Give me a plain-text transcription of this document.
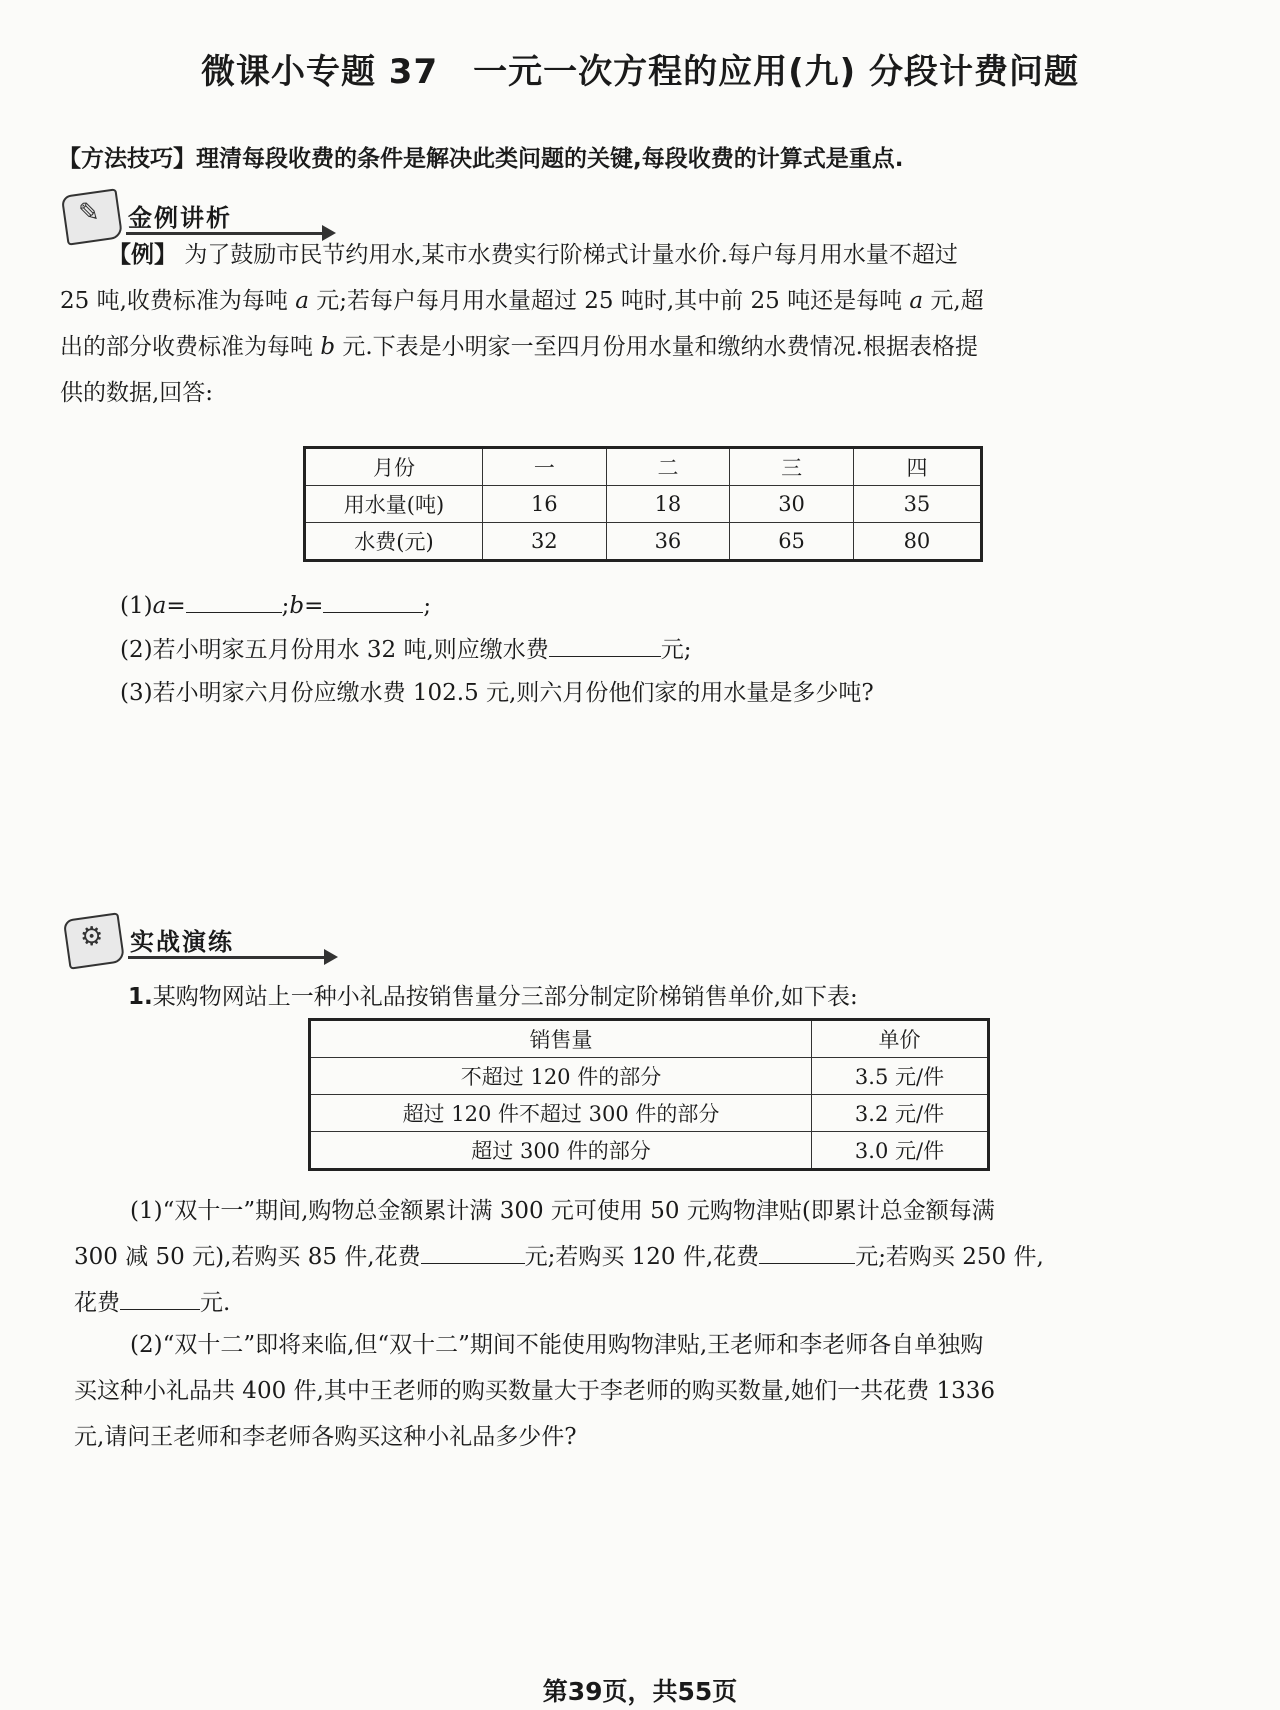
微课小专题 37　一元一次方程的应用(九) 分段计费问题
【方法技巧】理清每段收费的条件是解决此类问题的关键,每段收费的计算式是重点.
✎ 金例讲析
【例】 为了鼓励市民节约用水,某市水费实行阶梯式计量水价.每户每月用水量不超过
25 吨,收费标准为每吨 a 元;若每户每月用水量超过 25 吨时,其中前 25 吨还是每吨 a 元,超
出的部分收费标准为每吨 b 元.下表是小明家一至四月份用水量和缴纳水费情况.根据表格提
供的数据,回答:
月份	一	二	三	四
用水量(吨)	16	18	30	35
水费(元)	32	36	65	80
(1)a=	;b=	;
(2)若小明家五月份用水 32 吨,则应缴水费	元;
(3)若小明家六月份应缴水费 102.5 元,则六月份他们家的用水量是多少吨?
⚙ 实战演练
1.某购物网站上一种小礼品按销售量分三部分制定阶梯销售单价,如下表:
销售量	单价
不超过 120 件的部分	3.5 元/件
超过 120 件不超过 300 件的部分	3.2 元/件
超过 300 件的部分	3.0 元/件
(1)“双十一”期间,购物总金额累计满 300 元可使用 50 元购物津贴(即累计总金额每满
300 减 50 元),若购买 85 件,花费	元;若购买 120 件,花费	元;若购买 250 件,
花费	元.
(2)“双十二”即将来临,但“双十二”期间不能使用购物津贴,王老师和李老师各自单独购
买这种小礼品共 400 件,其中王老师的购买数量大于李老师的购买数量,她们一共花费 1336
元,请问王老师和李老师各购买这种小礼品多少件?
第39页，共55页
